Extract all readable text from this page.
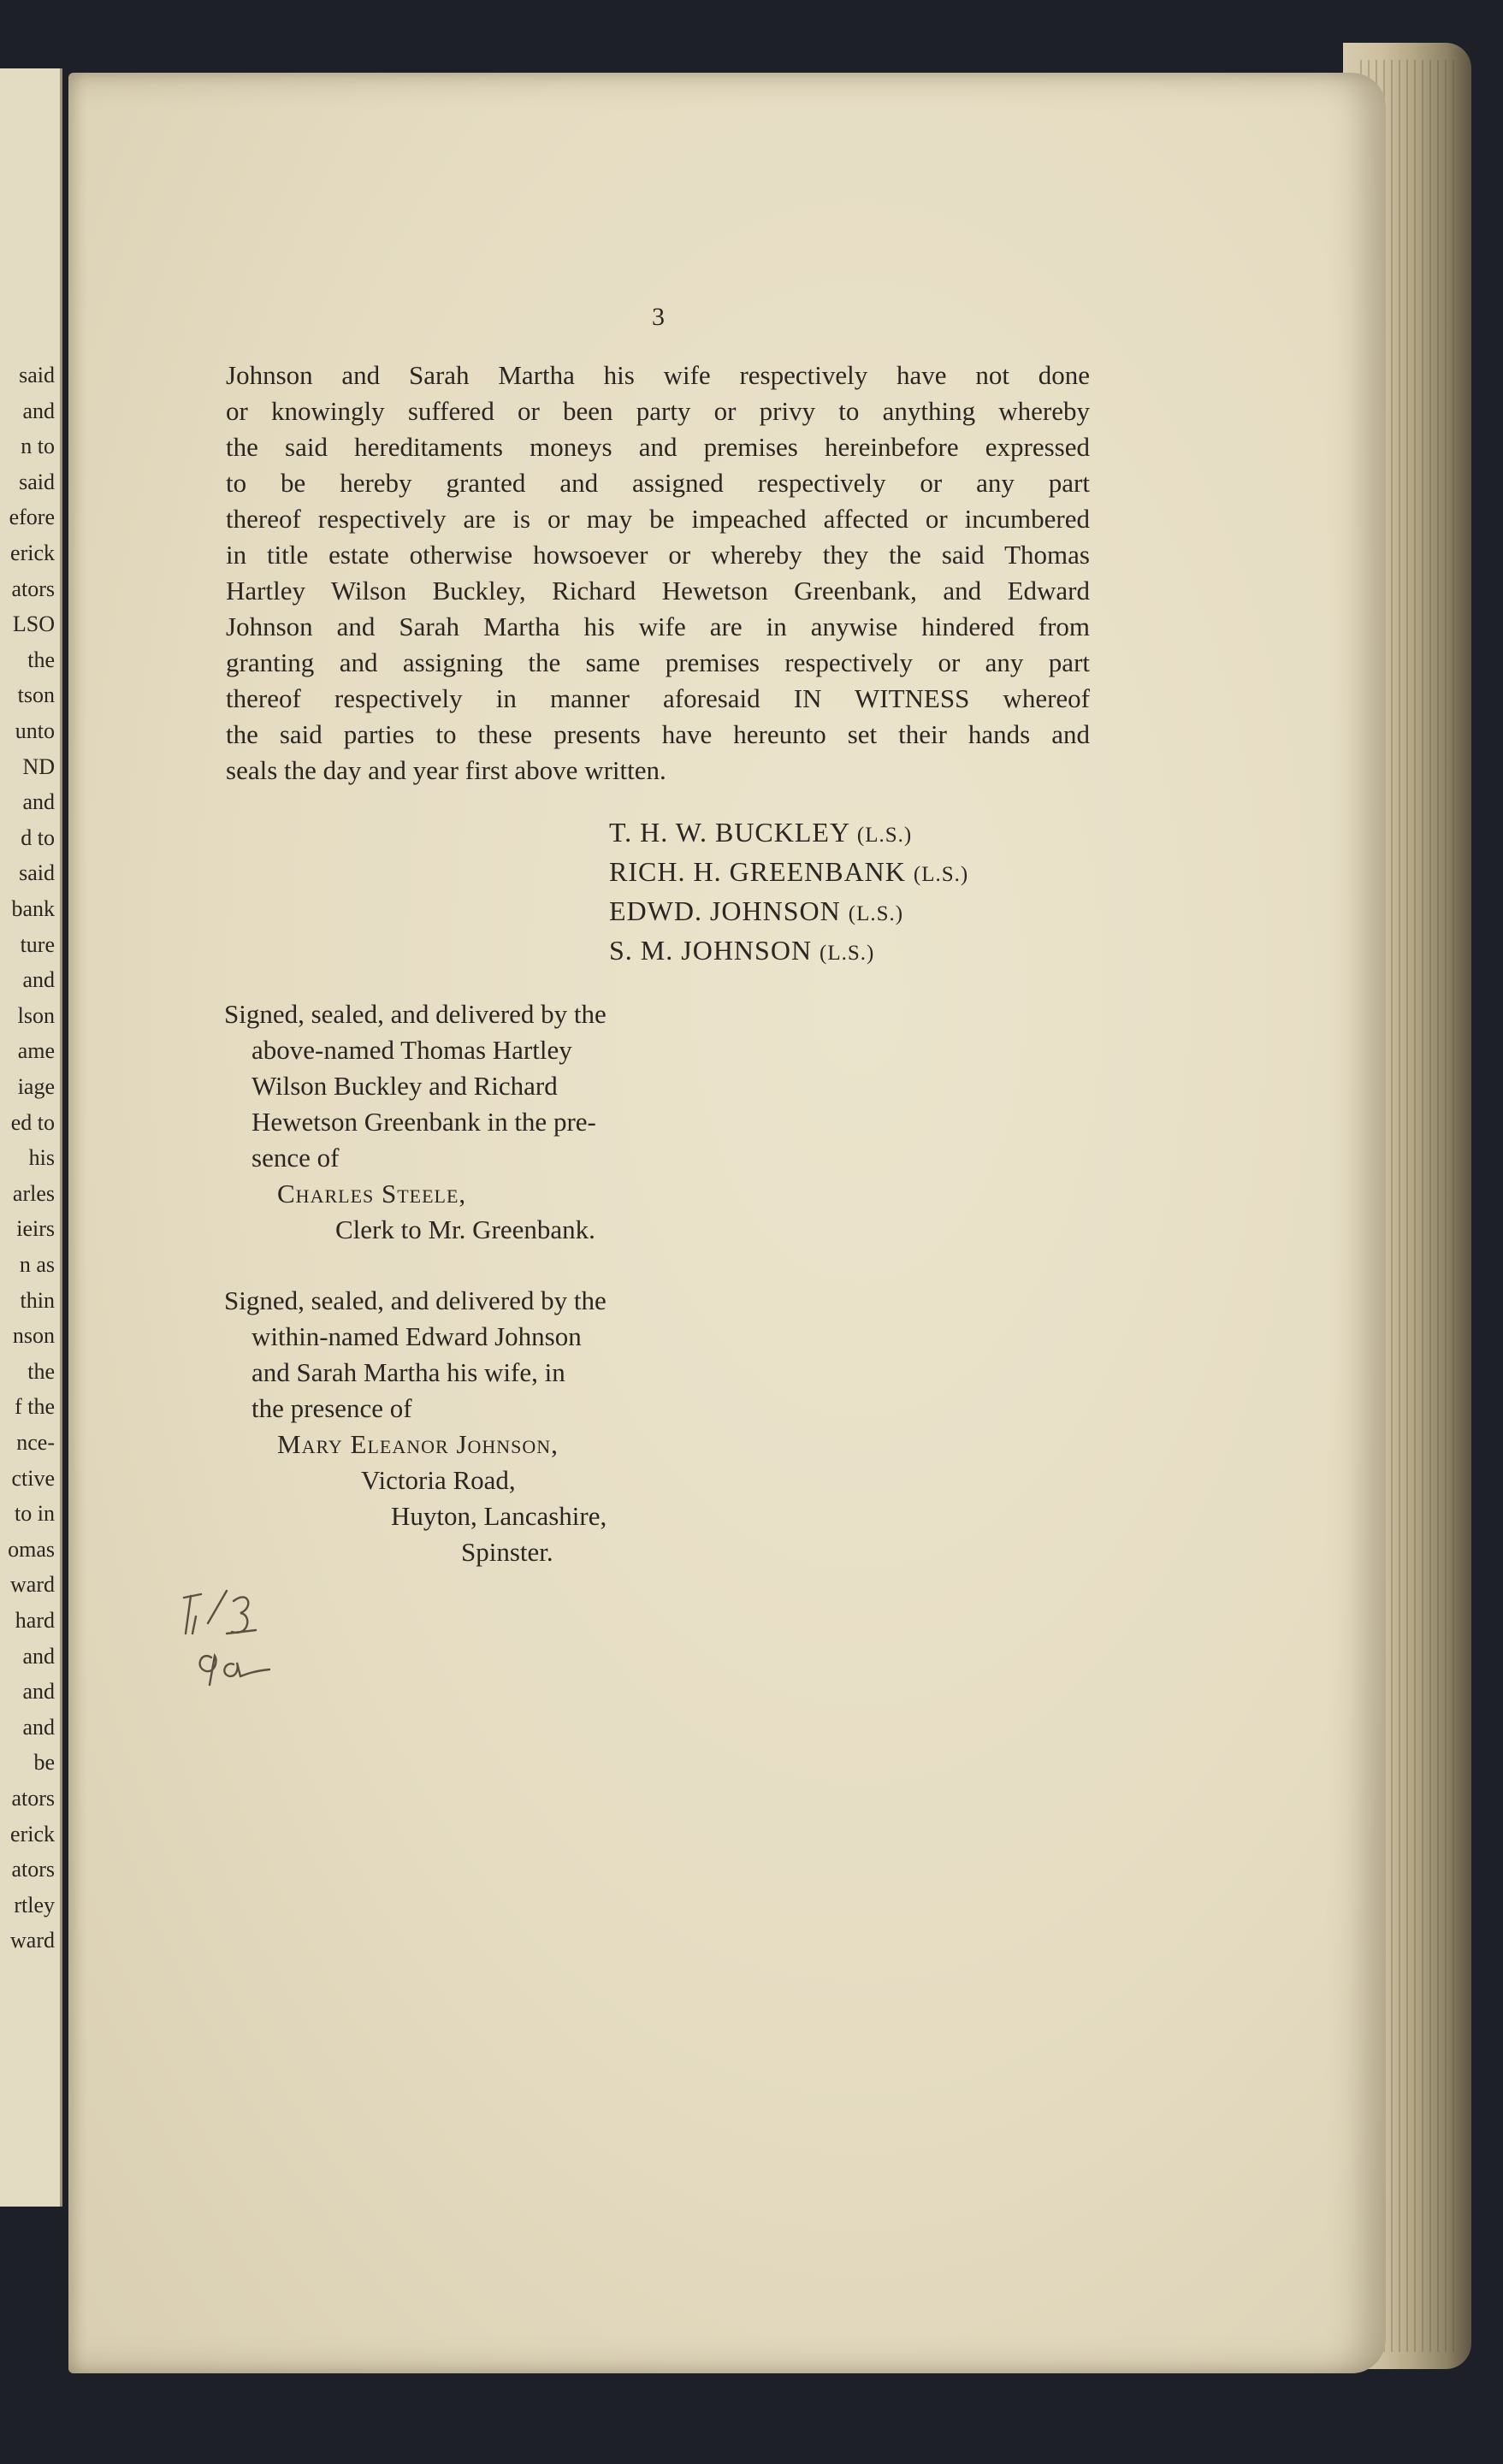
said
and
n to
said
efore
erick
ators
LSO
the
tson
unto
ND
and
d to
said
bank
ture
and
lson
ame
iage
ed to
his
arles
ieirs
n as
thin
nson
the
f the
nce-
ctive
to in
omas
ward
hard
and
and
and
be
ators
erick
ators
rtley
ward
3
Johnson and Sarah Martha his wife respectively have not done
or knowingly suffered or been party or privy to anything whereby
the said hereditaments moneys and premises hereinbefore expressed
to be hereby granted and assigned respectively or any part
thereof respectively are is or may be impeached affected or incumbered
in title estate otherwise howsoever or whereby they the said Thomas
Hartley Wilson Buckley, Richard Hewetson Greenbank, and Edward
Johnson and Sarah Martha his wife are in anywise hindered from
granting and assigning the same premises respectively or any part
thereof respectively in manner aforesaid IN WITNESS whereof
the said parties to these presents have hereunto set their hands and
seals the day and year first above written.
T. H. W. BUCKLEY (L.S.)
RICH. H. GREENBANK (L.S.)
EDWD. JOHNSON (L.S.)
S. M. JOHNSON (L.S.)
Signed, sealed, and delivered by the
above-named Thomas Hartley
Wilson Buckley and Richard
Hewetson Greenbank in the pre-
sence of
Charles Steele,
Clerk to Mr. Greenbank.
Signed, sealed, and delivered by the
within-named Edward Johnson
and Sarah Martha his wife, in
the presence of
Mary Eleanor Johnson,
Victoria Road,
Huyton, Lancashire,
Spinster.
